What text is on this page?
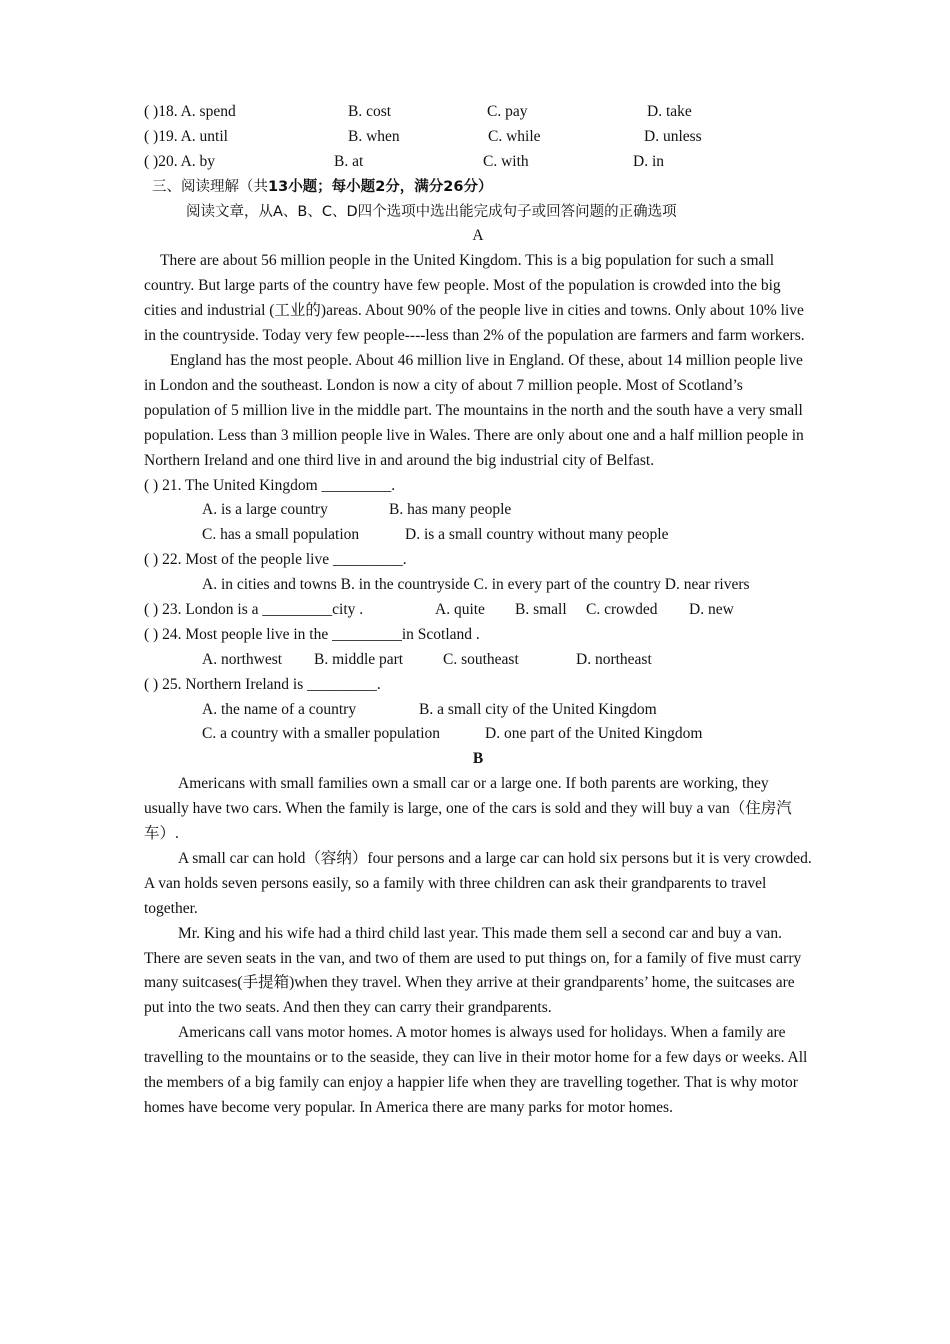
( )18. A. spend	B. cost	C. pay	D. take
( )19. A. until	B. when	C. while	D. unless
( )20. A. by	B. at	C. with	D. in
三、阅读理解（共13小题；每小题2分，满分26分）
阅读文章，从A、B、C、D四个选项中选出能完成句子或回答问题的正确选项
A
There are about 56 million people in the United Kingdom. This is a big population for such a small country. But large parts of the country have few people. Most of the population is crowded into the big cities and industrial (工业的)areas. About 90% of the people live in cities and towns. Only about 10% live in the countryside. Today very few people----less than 2% of the population are farmers and farm workers.
England has the most people. About 46 million live in England. Of these, about 14 million people live in London and the southeast. London is now a city of about 7 million people. Most of Scotland’s population of 5 million live in the middle part. The mountains in the north and the south have a very small population. Less than 3 million people live in Wales. There are only about one and a half million people in Northern Ireland and one third live in and around the big industrial city of Belfast.
( ) 21. The United Kingdom _________.
A. is a large country	B. has many people
C. has a small population	D. is a small country without many people
( ) 22. Most of the people live _________.
A. in cities and towns B. in the countryside C. in every part of the country D. near rivers
( ) 23. London is a _________city .	A. quite B. small C. crowded D. new
( ) 24. Most people live in the _________in Scotland .
A. northwest B. middle part	C. southeast	D. northeast
( ) 25. Northern Ireland is _________.
A. the name of a country	B. a small city of the United Kingdom
C. a country with a smaller population	D. one part of the United Kingdom
B
Americans with small families own a small car or a large one. If both parents are working, they usually have two cars. When the family is large, one of the cars is sold and they will buy a van（住房汽车）.
A small car can hold（容纳）four persons and a large car can hold six persons but it is very crowded. A van holds seven persons easily, so a family with three children can ask their grandparents to travel together.
Mr. King and his wife had a third child last year. This made them sell a second car and buy a van. There are seven seats in the van, and two of them are used to put things on, for a family of five must carry many suitcases(手提箱)when they travel. When they arrive at their grandparents’ home, the suitcases are put into the two seats. And then they can carry their grandparents.
Americans call vans motor homes. A motor homes is always used for holidays. When a family are travelling to the mountains or to the seaside, they can live in their motor home for a few days or weeks. All the members of a big family can enjoy a happier life when they are travelling together. That is why motor homes have become very popular. In America there are many parks for motor homes.
